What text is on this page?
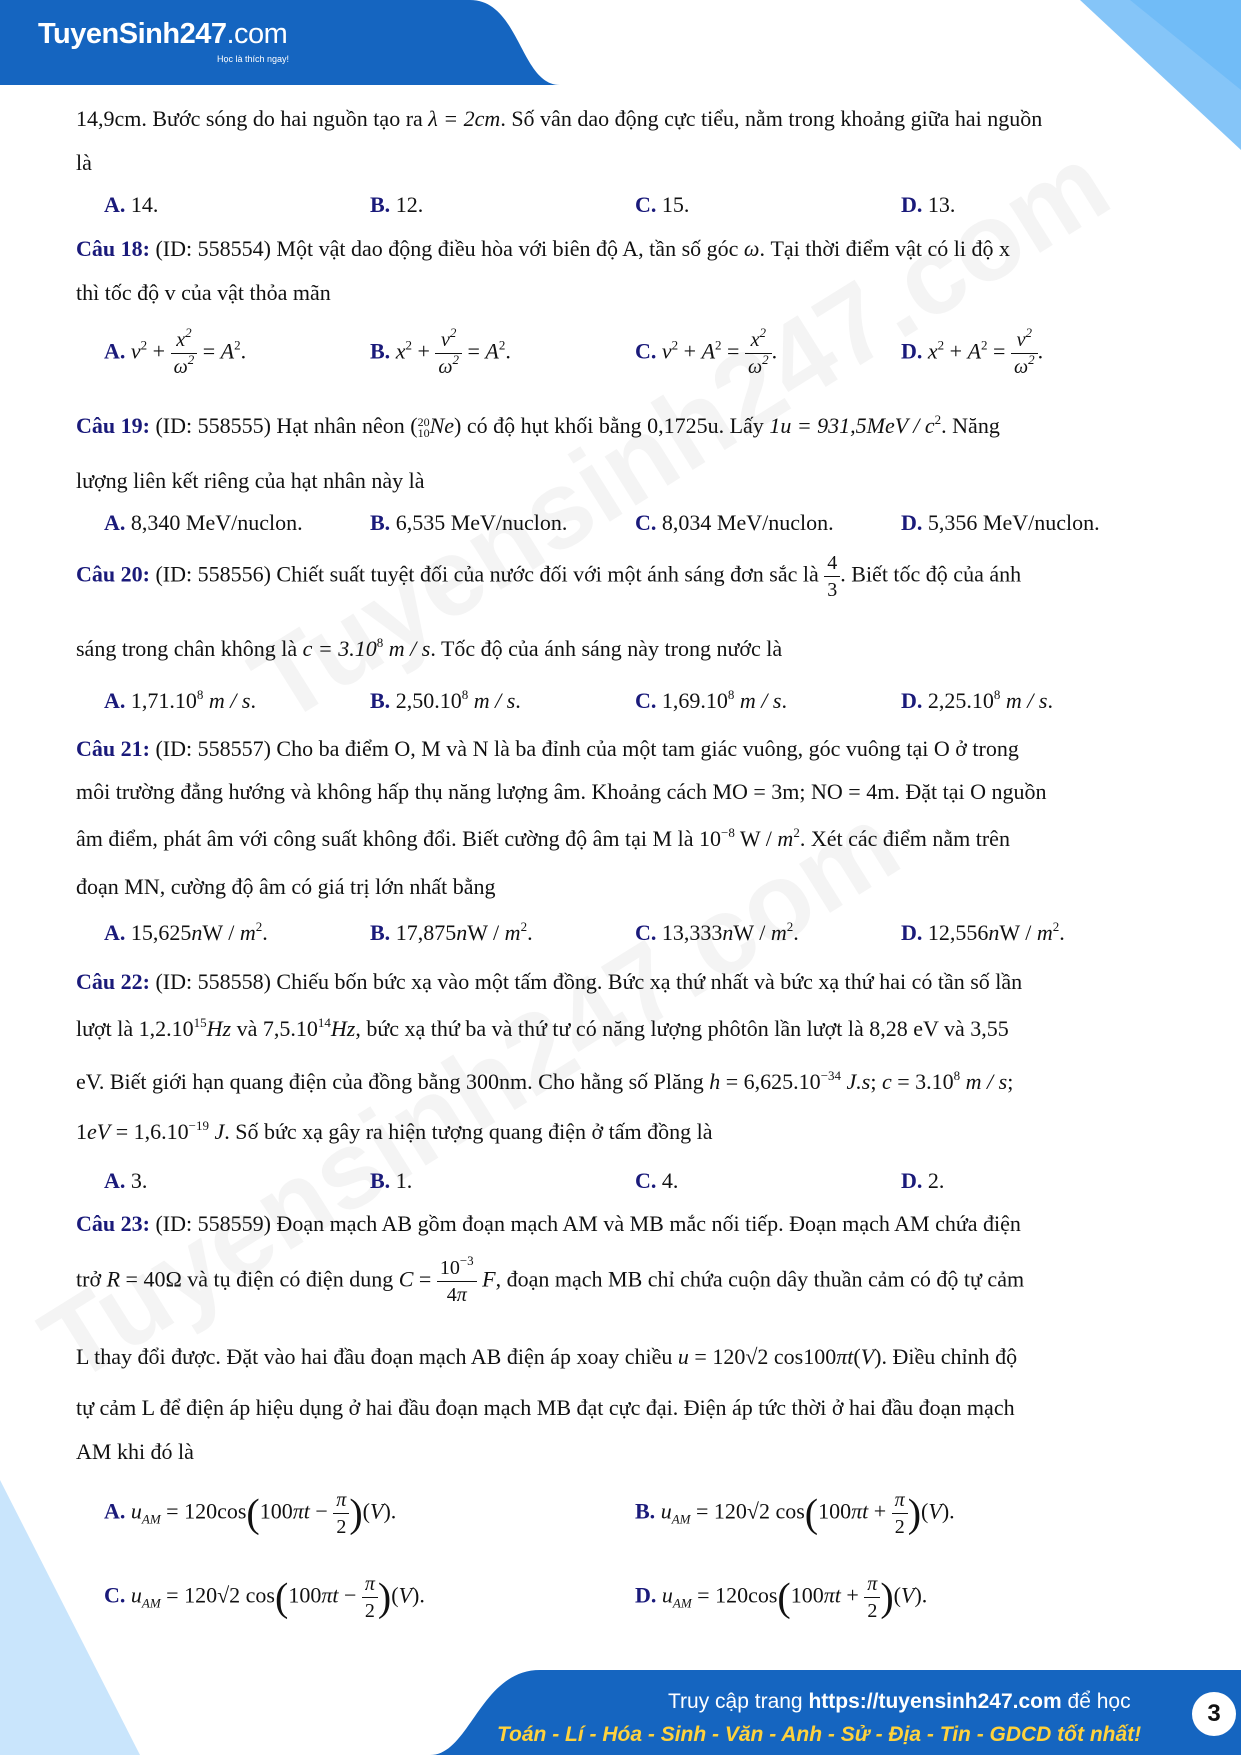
TuyenSinh247.com
Học là thích ngay!
14,9cm. Bước sóng do hai nguồn tạo ra λ = 2cm. Số vân dao động cực tiểu, nằm trong khoảng giữa hai nguồn
là
A. 14.	B. 12.	C. 15.	D. 13.
Câu 18: (ID: 558554) Một vật dao động điều hòa với biên độ A, tần số góc ω. Tại thời điểm vật có li độ x
thì tốc độ v của vật thỏa mãn
A. $v^2 + \frac{x^2}{\omega^2} = A^2$.	B. $x^2 + \frac{v^2}{\omega^2} = A^2$.	C. $v^2 + A^2 = \frac{x^2}{\omega^2}$ .	D. $x^2 + A^2 = \frac{v^2}{\omega^2}$ .
Câu 19: (ID: 558555) Hạt nhân nêon (20
10Ne) có độ hụt khối bằng 0,1725u. Lấy $1u = 931,5MeV / c^2$. Năng
lượng liên kết riêng của hạt nhân này là
A. 8,340 MeV/nuclon.	B. 6,535 MeV/nuclon.	C. 8,034 MeV/nuclon.	D. 5,356 MeV/nuclon.
Câu 20: (ID: 558556) Chiết suất tuyệt đối của nước đối với một ánh sáng đơn sắc là $\frac{4}{3}$ . Biết tốc độ của ánh
sáng trong chân không là $c = 3.10^8$ m / s. Tốc độ của ánh sáng này trong nước là
A. 1,71.10$^8$ m / s.	B. 2,50.10$^8$ m / s.	C. 1,69.10$^8$ m / s.	D. 2,25.10$^8$ m / s.
Câu 21: (ID: 558557) Cho ba điểm O, M và N là ba đỉnh của một tam giác vuông, góc vuông tại O ở trong
môi trường đẳng hướng và không hấp thụ năng lượng âm. Khoảng cách MO = 3m; NO = 4m. Đặt tại O nguồn
âm điểm, phát âm với công suất không đổi. Biết cường độ âm tại M là $10^{-8}$ W / $m^2$. Xét các điểm nằm trên
đoạn MN, cường độ âm có giá trị lớn nhất bằng
A. $15,625nW / m^2$.	B. $17,875nW / m^2$.	C. $13,333nW / m^2$.	D. $12,556nW / m^2$.
Câu 22: (ID: 558558) Chiếu bốn bức xạ vào một tấm đồng. Bức xạ thứ nhất và bức xạ thứ hai có tần số lần
lượt là 1,2.10$^{15}$Hz và 7,5.10$^{14}$Hz, bức xạ thứ ba và thứ tư có năng lượng phôtôn lần lượt là 8,28 eV và 3,55
eV. Biết giới hạn quang điện của đồng bằng 300nm. Cho hằng số Plăng $h = 6,625.10^{-34}$ J.s; $c = 3.10^8$ m / s;
$1eV = 1,6.10^{-19}$ J. Số bức xạ gây ra hiện tượng quang điện ở tấm đồng là
A. 3.	B. 1.	C. 4.	D. 2.
Câu 23: (ID: 558559) Đoạn mạch AB gồm đoạn mạch AM và MB mắc nối tiếp. Đoạn mạch AM chứa điện
trở R = 40Ω và tụ điện có điện dung $C = \frac{10^{-3}}{4\pi} F$, đoạn mạch MB chỉ chứa cuộn dây thuần cảm có độ tự cảm
L thay đổi được. Đặt vào hai đầu đoạn mạch AB điện áp xoay chiều u = 120√2 cos100πt(V). Điều chỉnh độ
tự cảm L để điện áp hiệu dụng ở hai đầu đoạn mạch MB đạt cực đại. Điện áp tức thời ở hai đầu đoạn mạch
AM khi đó là
A. $u_{AM} = 120\cos(100\pi t - \frac{\pi}{2} )(V)$.	B. $u_{AM} = 120√2$ $\cos(100\pi t + \frac{\pi}{2} )(V)$.
C. $u_{AM} = 120√2$ $\cos(100\pi t - \frac{\pi}{2} )(V)$.	D. $u_{AM} = 120\cos(100\pi t + \frac{\pi}{2} )(V)$.
Truy cập trang https://tuyensinh247.com để học
Toán - Lí - Hóa - Sinh - Văn - Anh - Sử - Địa - Tin - GDCD tốt nhất!
3
